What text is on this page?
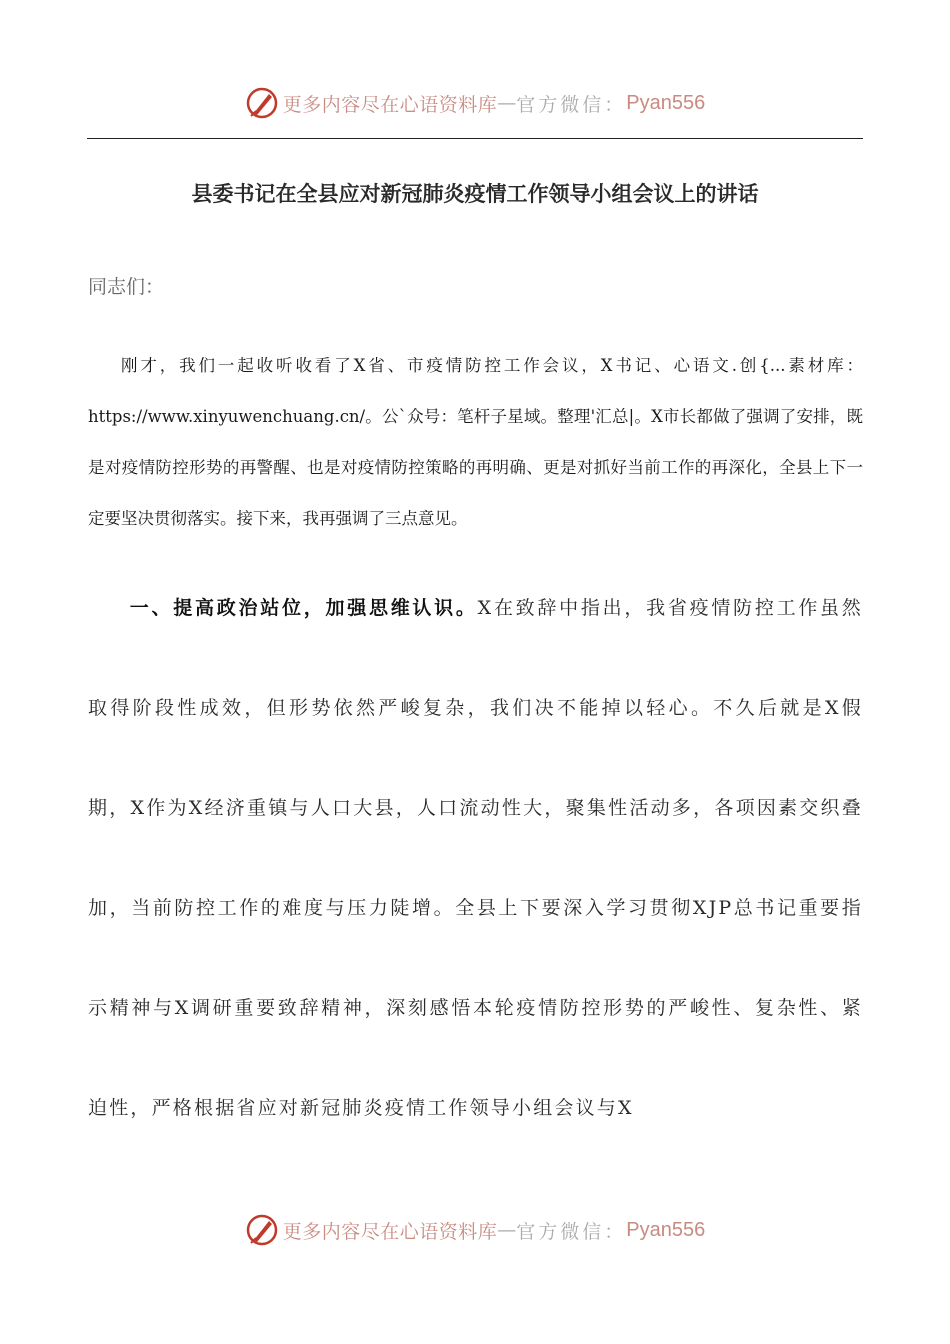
更多内容尽在心语资料库 — 官方微信： Pyan556
县委书记在全县应对新冠肺炎疫情工作领导小组会议上的讲话
同志们：

刚才，我们一起收听收看了X省、市疫情防控工作会议，X书记、心语文.创{...素材库：https://www.xinyuwenchuang.cn/。公`众号：笔杆子星域。整理'汇总|。X市长都做了强调了安排，既是对疫情防控形势的再警醒、也是对疫情防控策略的再明确、更是对抓好当前工作的再深化，全县上下一定要坚决贯彻落实。接下来，我再强调了三点意见。

一、提高政治站位，加强思维认识。X在致辞中指出，我省疫情防控工作虽然取得阶段性成效，但形势依然严峻复杂，我们决不能掉以轻心。不久后就是X假期，X作为X经济重镇与人口大县，人口流动性大，聚集性活动多，各项因素交织叠加，当前防控工作的难度与压力陡增。全县上下要深入学习贯彻XJP总书记重要指示精神与X调研重要致辞精神，深刻感悟本轮疫情防控形势的严峻性、复杂性、紧迫性，严格根据省应对新冠肺炎疫情工作领导小组会议与X

更多内容尽在心语资料库 — 官方微信： Pyan556
